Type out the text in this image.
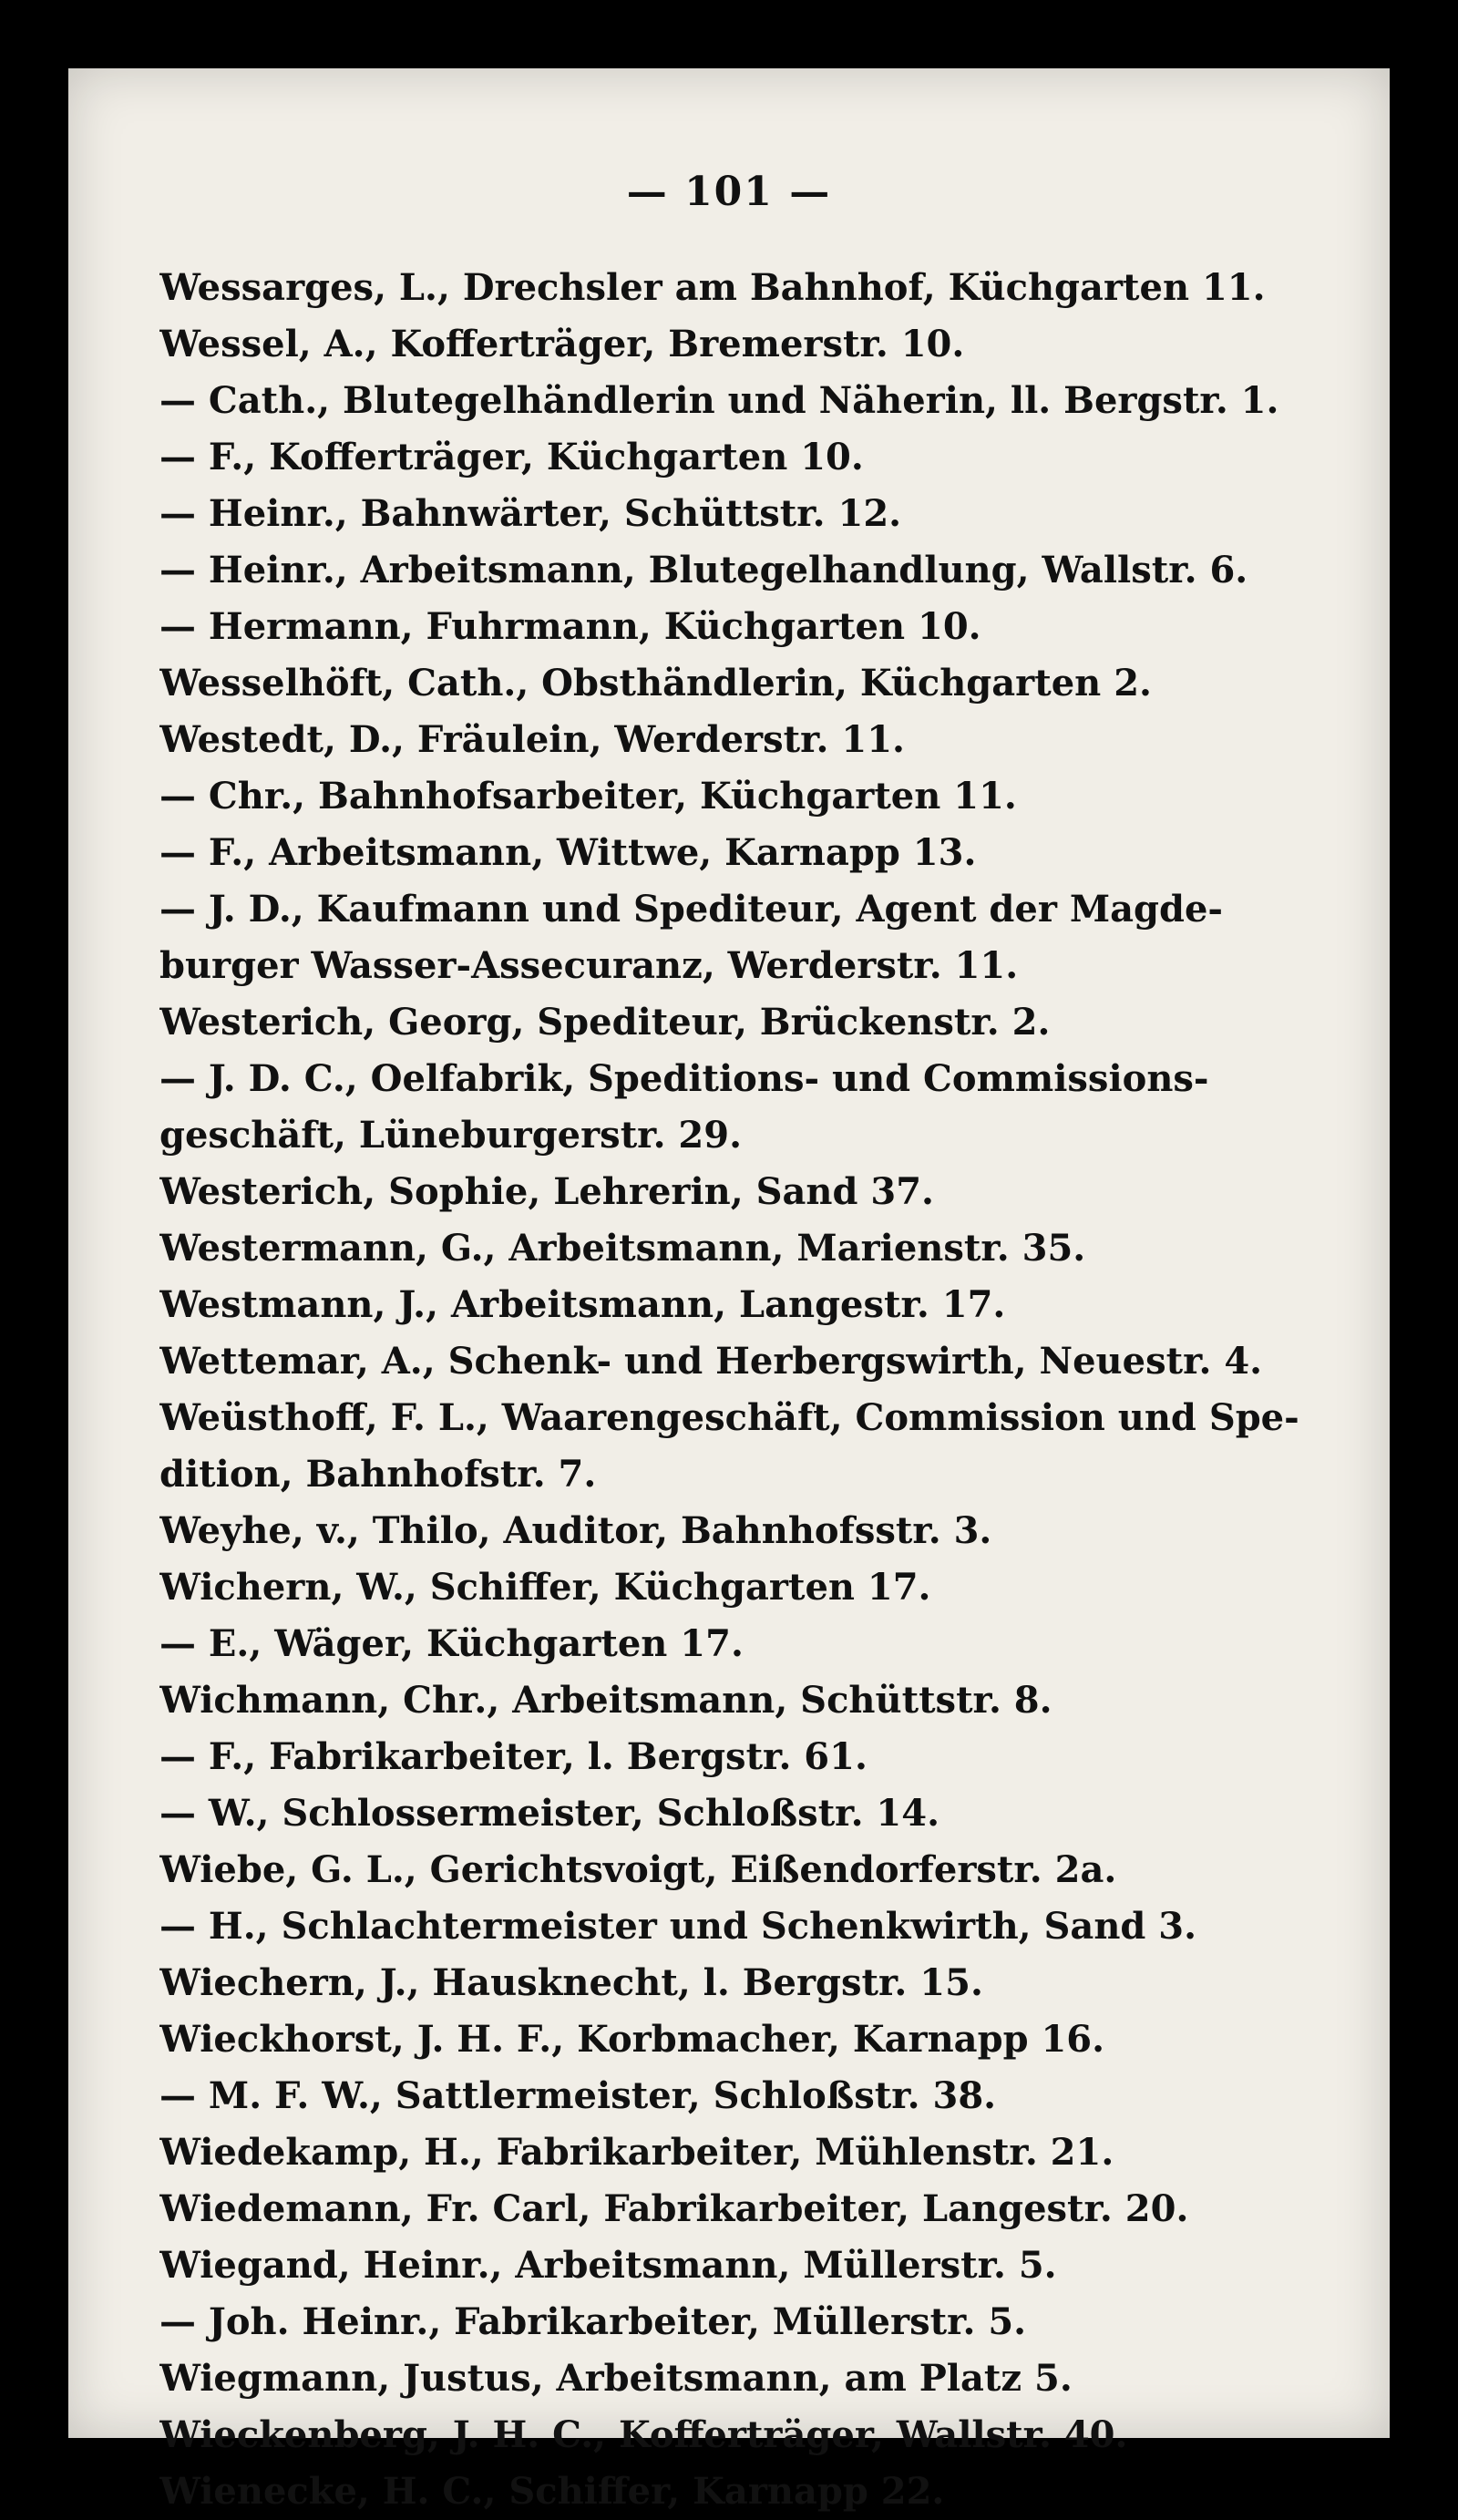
— 101 —
Wessarges, L., Drechsler am Bahnhof, Küchgarten 11.
Wessel, A., Kofferträger, Bremerstr. 10.
— Cath., Blutegelhändlerin und Näherin, ll. Bergstr. 1.
— F., Kofferträger, Küchgarten 10.
— Heinr., Bahnwärter, Schüttstr. 12.
— Heinr., Arbeitsmann, Blutegelhandlung, Wallstr. 6.
— Hermann, Fuhrmann, Küchgarten 10.
Wesselhöft, Cath., Obsthändlerin, Küchgarten 2.
Westedt, D., Fräulein, Werderstr. 11.
— Chr., Bahnhofsarbeiter, Küchgarten 11.
— F., Arbeitsmann, Wittwe, Karnapp 13.
— J. D., Kaufmann und Spediteur, Agent der Magde-
burger Wasser-Assecuranz, Werderstr. 11.
Westerich, Georg, Spediteur, Brückenstr. 2.
— J. D. C., Oelfabrik, Speditions- und Commissions-
geschäft, Lüneburgerstr. 29.
Westerich, Sophie, Lehrerin, Sand 37.
Westermann, G., Arbeitsmann, Marienstr. 35.
Westmann, J., Arbeitsmann, Langestr. 17.
Wettemar, A., Schenk- und Herbergswirth, Neuestr. 4.
Weüsthoff, F. L., Waarengeschäft, Commission und Spe-
dition, Bahnhofstr. 7.
Weyhe, v., Thilo, Auditor, Bahnhofsstr. 3.
Wichern, W., Schiffer, Küchgarten 17.
— E., Wäger, Küchgarten 17.
Wichmann, Chr., Arbeitsmann, Schüttstr. 8.
— F., Fabrikarbeiter, l. Bergstr. 61.
— W., Schlossermeister, Schloßstr. 14.
Wiebe, G. L., Gerichtsvoigt, Eißendorferstr. 2a.
— H., Schlachtermeister und Schenkwirth, Sand 3.
Wiechern, J., Hausknecht, l. Bergstr. 15.
Wieckhorst, J. H. F., Korbmacher, Karnapp 16.
— M. F. W., Sattlermeister, Schloßstr. 38.
Wiedekamp, H., Fabrikarbeiter, Mühlenstr. 21.
Wiedemann, Fr. Carl, Fabrikarbeiter, Langestr. 20.
Wiegand, Heinr., Arbeitsmann, Müllerstr. 5.
— Joh. Heinr., Fabrikarbeiter, Müllerstr. 5.
Wiegmann, Justus, Arbeitsmann, am Platz 5.
Wieckenberg, J. H. C., Kofferträger, Wallstr. 40.
Wienecke, H. C., Schiffer, Karnapp 22.
